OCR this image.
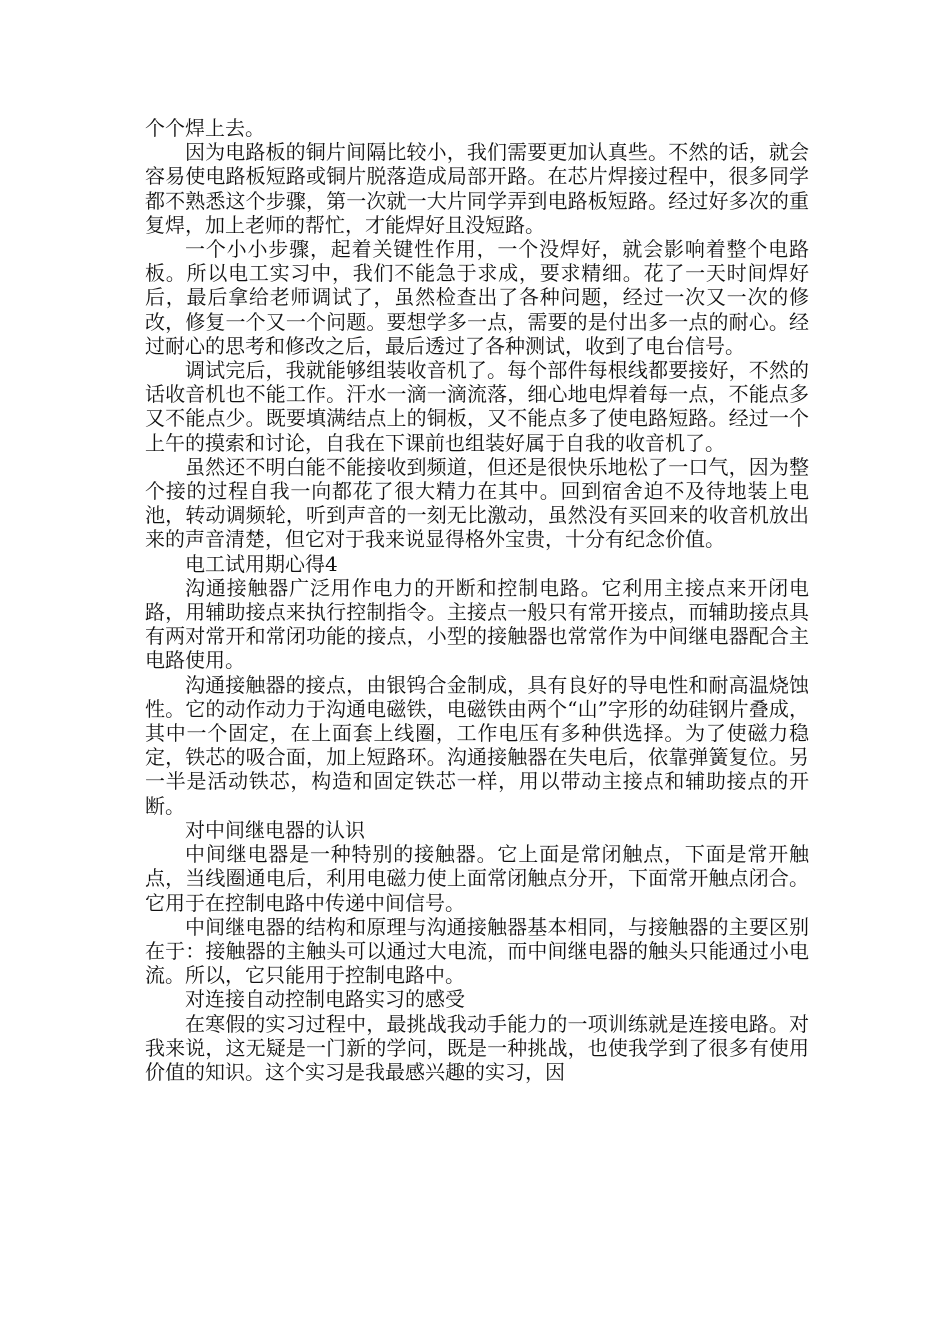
个个焊上去。

因为电路板的铜片间隔比较小，我们需要更加认真些。不然的话，就会容易使电路板短路或铜片脱落造成局部开路。在芯片焊接过程中，很多同学都不熟悉这个步骤，第一次就一大片同学弄到电路板短路。经过好多次的重复焊，加上老师的帮忙，才能焊好且没短路。

一个小小步骤，起着关键性作用，一个没焊好，就会影响着整个电路板。所以电工实习中，我们不能急于求成，要求精细。花了一天时间焊好后，最后拿给老师调试了，虽然检查出了各种问题，经过一次又一次的修改，修复一个又一个问题。要想学多一点，需要的是付出多一点的耐心。经过耐心的思考和修改之后，最后透过了各种测试，收到了电台信号。

调试完后，我就能够组装收音机了。每个部件每根线都要接好，不然的话收音机也不能工作。汗水一滴一滴流落，细心地电焊着每一点，不能点多又不能点少。既要填满结点上的铜板，又不能点多了使电路短路。经过一个上午的摸索和讨论，自我在下课前也组装好属于自我的收音机了。

虽然还不明白能不能接收到频道，但还是很快乐地松了一口气，因为整个接的过程自我一向都花了很大精力在其中。回到宿舍迫不及待地装上电池，转动调频轮，听到声音的一刻无比激动，虽然没有买回来的收音机放出来的声音清楚，但它对于我来说显得格外宝贵，十分有纪念价值。

电工试用期心得4

沟通接触器广泛用作电力的开断和控制电路。它利用主接点来开闭电路，用辅助接点来执行控制指令。主接点一般只有常开接点，而辅助接点具有两对常开和常闭功能的接点，小型的接触器也常常作为中间继电器配合主电路使用。

沟通接触器的接点，由银钨合金制成，具有良好的导电性和耐高温烧蚀性。它的动作动力于沟通电磁铁，电磁铁由两个“山”字形的幼硅钢片叠成，其中一个固定，在上面套上线圈，工作电压有多种供选择。为了使磁力稳定，铁芯的吸合面，加上短路环。沟通接触器在失电后，依靠弹簧复位。另一半是活动铁芯，构造和固定铁芯一样，用以带动主接点和辅助接点的开断。

对中间继电器的认识

中间继电器是一种特别的接触器。它上面是常闭触点，下面是常开触点，当线圈通电后，利用电磁力使上面常闭触点分开，下面常开触点闭合。它用于在控制电路中传递中间信号。

中间继电器的结构和原理与沟通接触器基本相同，与接触器的主要区别在于：接触器的主触头可以通过大电流，而中间继电器的触头只能通过小电流。所以，它只能用于控制电路中。

对连接自动控制电路实习的感受

在寒假的实习过程中，最挑战我动手能力的一项训练就是连接电路。对我来说，这无疑是一门新的学问，既是一种挑战，也使我学到了很多有使用价值的知识。这个实习是我最感兴趣的实习，因
